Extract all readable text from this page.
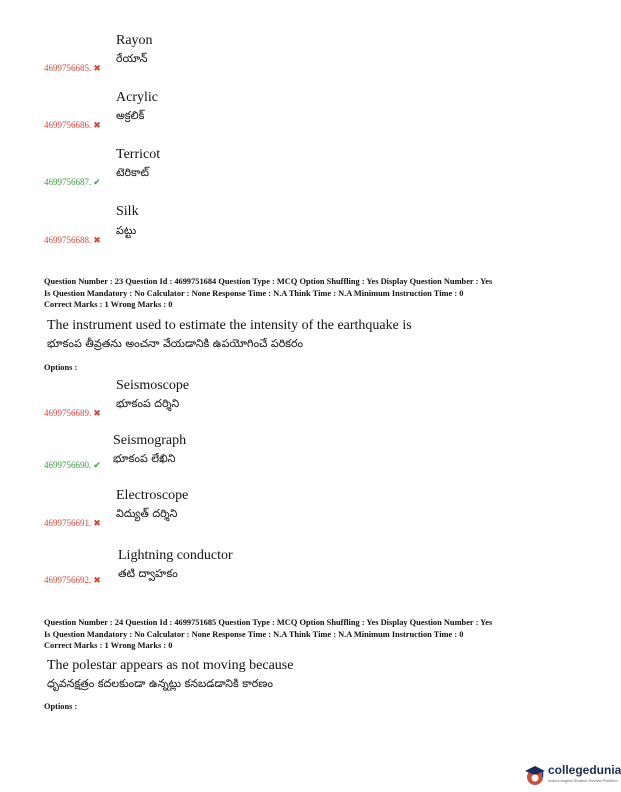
Rayon
రేయాన్
4699756685. ✖
Acrylic
అక్రలిక్
4699756686. ✖
Terricot
టెరికాట్
4699756687. ✔
Silk
పట్టు
4699756688. ✖
Question Number : 23 Question Id : 4699751684 Question Type : MCQ Option Shuffling : Yes Display Question Number : Yes
Is Question Mandatory : No Calculator : None Response Time : N.A Think Time : N.A Minimum Instruction Time : 0
Correct Marks : 1 Wrong Marks : 0
The instrument used to estimate the intensity of the earthquake is
భూకంప తీవ్రతను అంచనా వేయడానికి ఉపయోగించే పరికరం
Options :
Seismoscope
భూకంప దర్శిని
4699756689. ✖
Seismograph
భూకంప లేఖిని
4699756690. ✔
Electroscope
విద్యుత్ దర్శిని
4699756691. ✖
Lightning conductor
తటి ద్వాహకం
4699756692. ✖
Question Number : 24 Question Id : 4699751685 Question Type : MCQ Option Shuffling : Yes Display Question Number : Yes
Is Question Mandatory : No Calculator : None Response Time : N.A Think Time : N.A Minimum Instruction Time : 0
Correct Marks : 1 Wrong Marks : 0
The polestar appears as not moving because
ధృవనక్షత్రం కదలకుండా ఉన్నట్లు కనబడడానికి కారణం
Options :
collegedunia
India's largest Student Review Platform
